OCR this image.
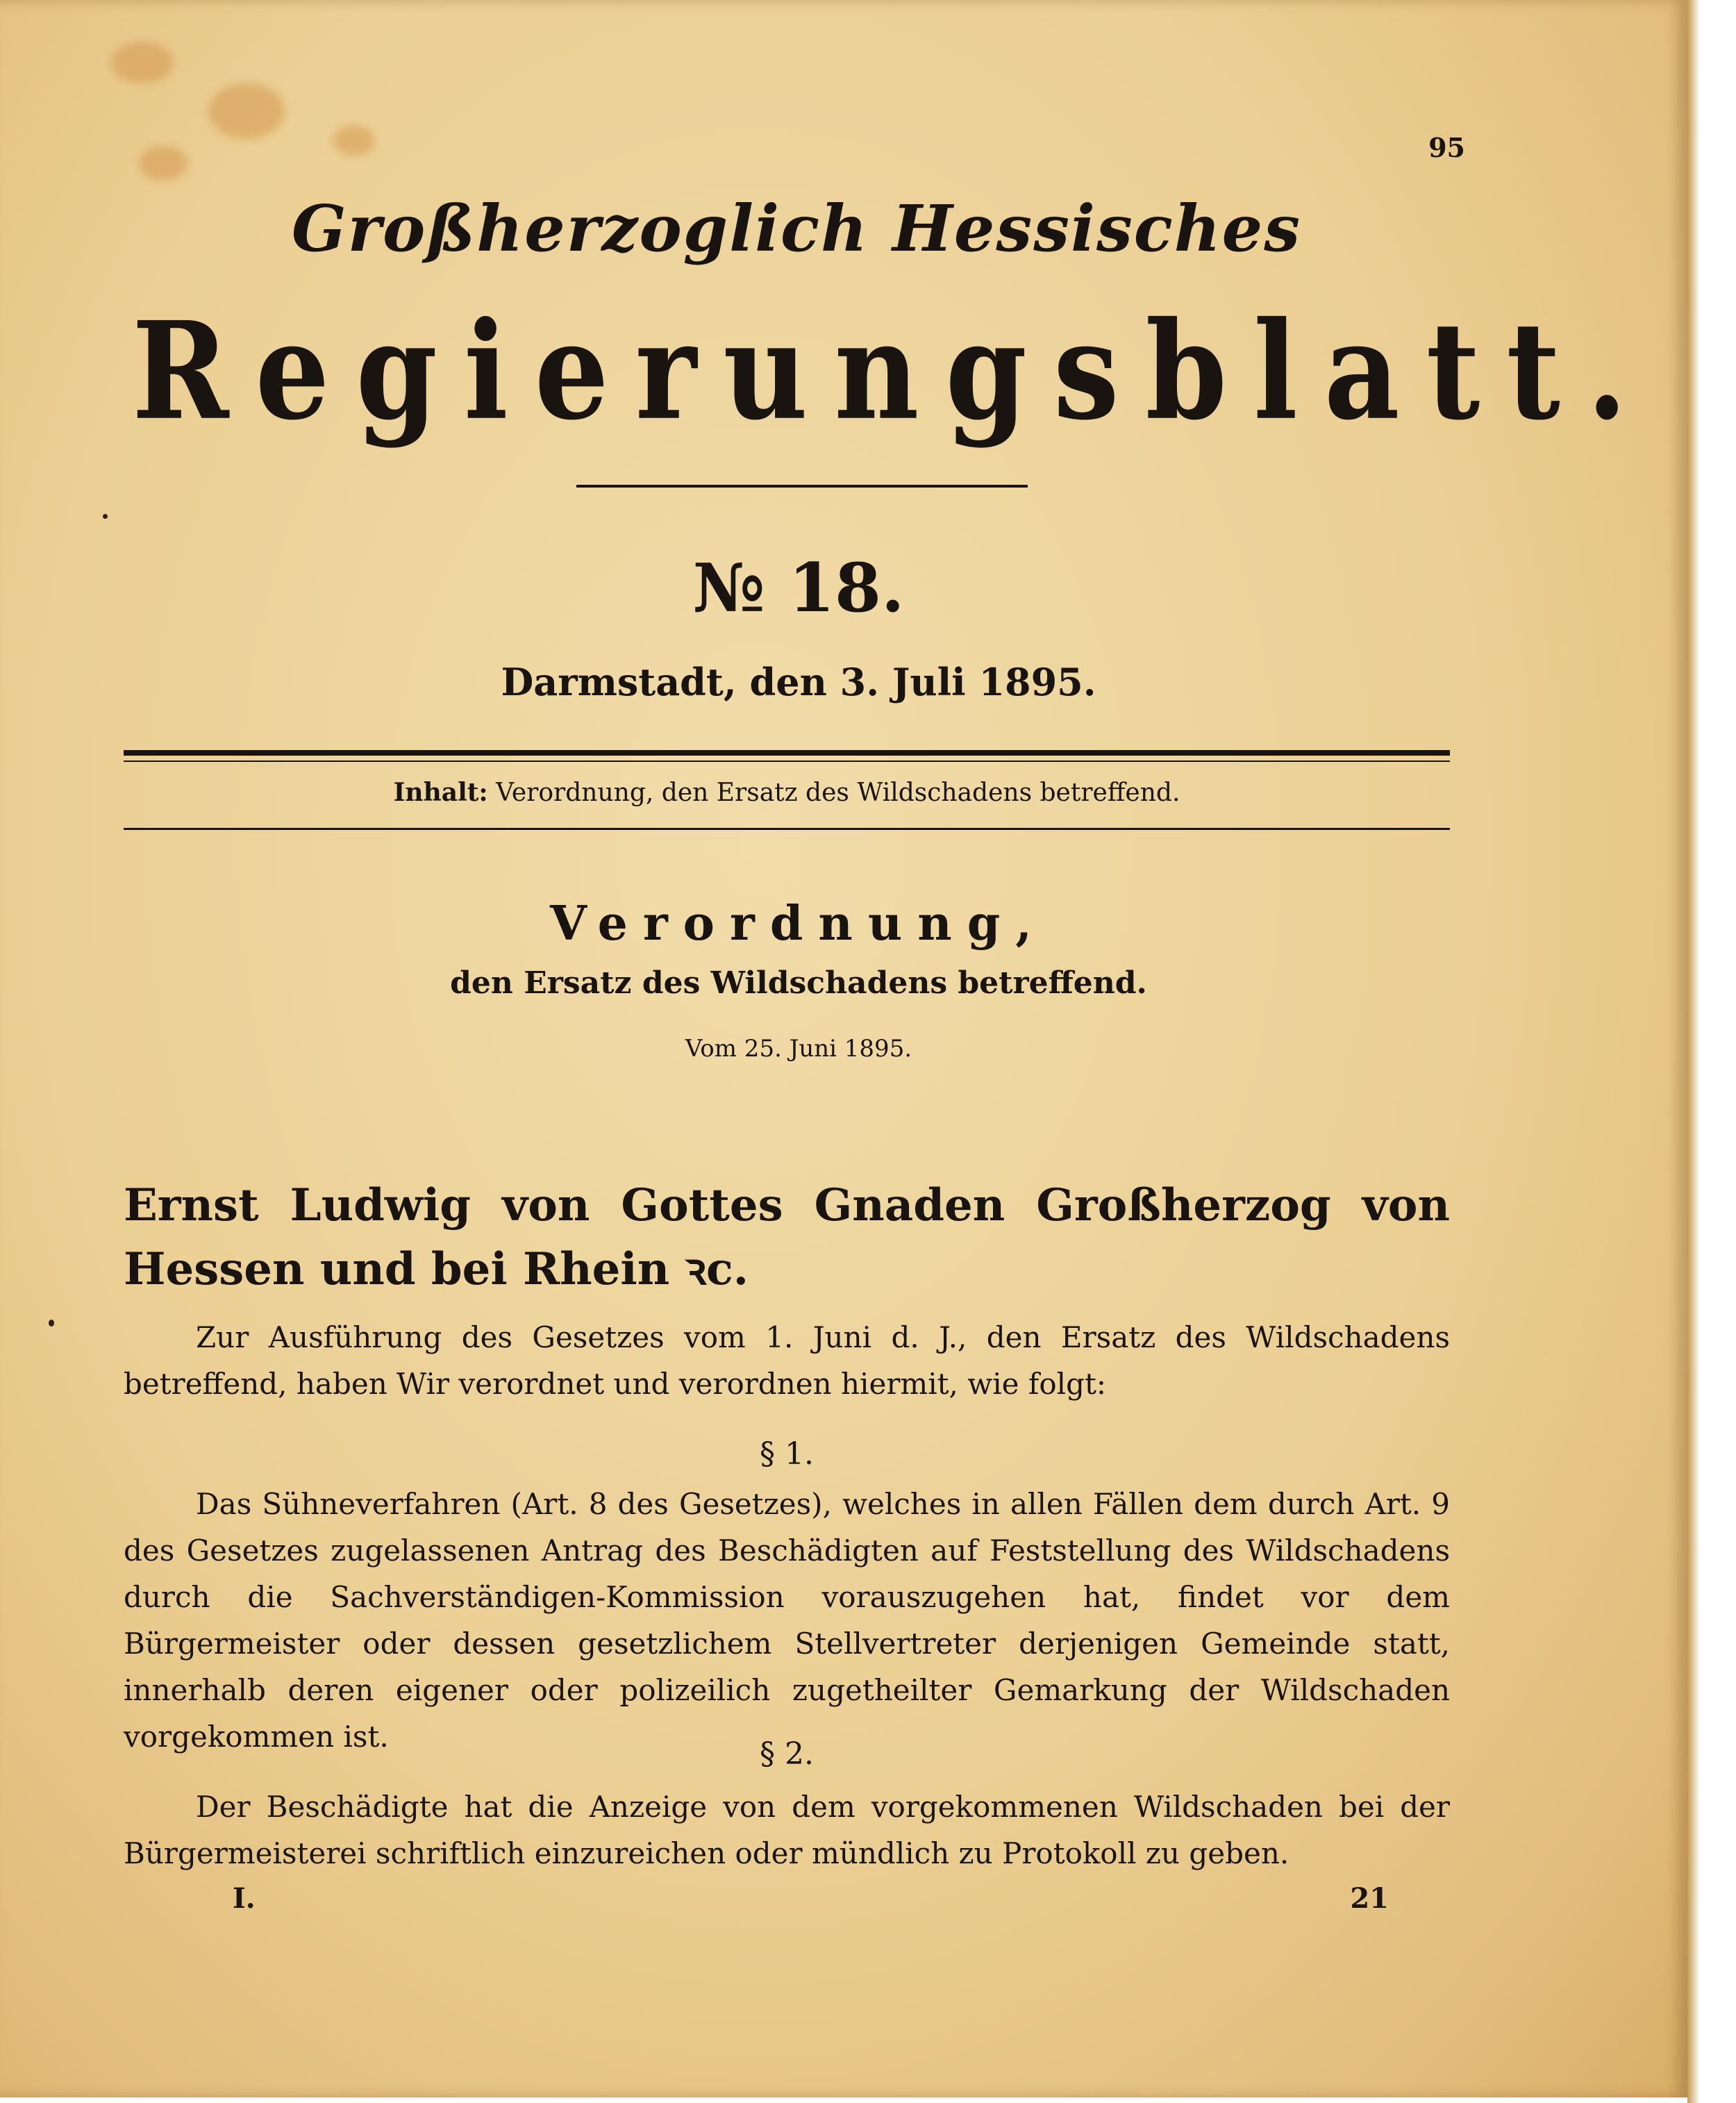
95
Großherzoglich Hessisches
Regierungsblatt.
№ 18.
Darmstadt, den 3. Juli 1895.
Inhalt: Verordnung, den Ersatz des Wildschadens betreffend.
Verordnung,
den Ersatz des Wildschadens betreffend.
Vom 25. Juni 1895.
Ernst Ludwig von Gottes Gnaden Großherzog von Hessen und bei Rhein ꝛc.
Zur Ausführung des Gesetzes vom 1. Juni d. J., den Ersatz des Wildschadens betreffend, haben Wir verordnet und verordnen hiermit, wie folgt:
§ 1.
Das Sühneverfahren (Art. 8 des Gesetzes), welches in allen Fällen dem durch Art. 9 des Gesetzes zugelassenen Antrag des Beschädigten auf Feststellung des Wildschadens durch die Sachverständigen-Kommission vorauszugehen hat, findet vor dem Bürgermeister oder dessen gesetzlichem Stellvertreter derjenigen Gemeinde statt, innerhalb deren eigener oder polizeilich zugetheilter Gemarkung der Wildschaden vorgekommen ist.	§ 2.
Der Beschädigte hat die Anzeige von dem vorgekommenen Wildschaden bei der Bürgermeisterei schriftlich einzureichen oder mündlich zu Protokoll zu geben.
I.	21
